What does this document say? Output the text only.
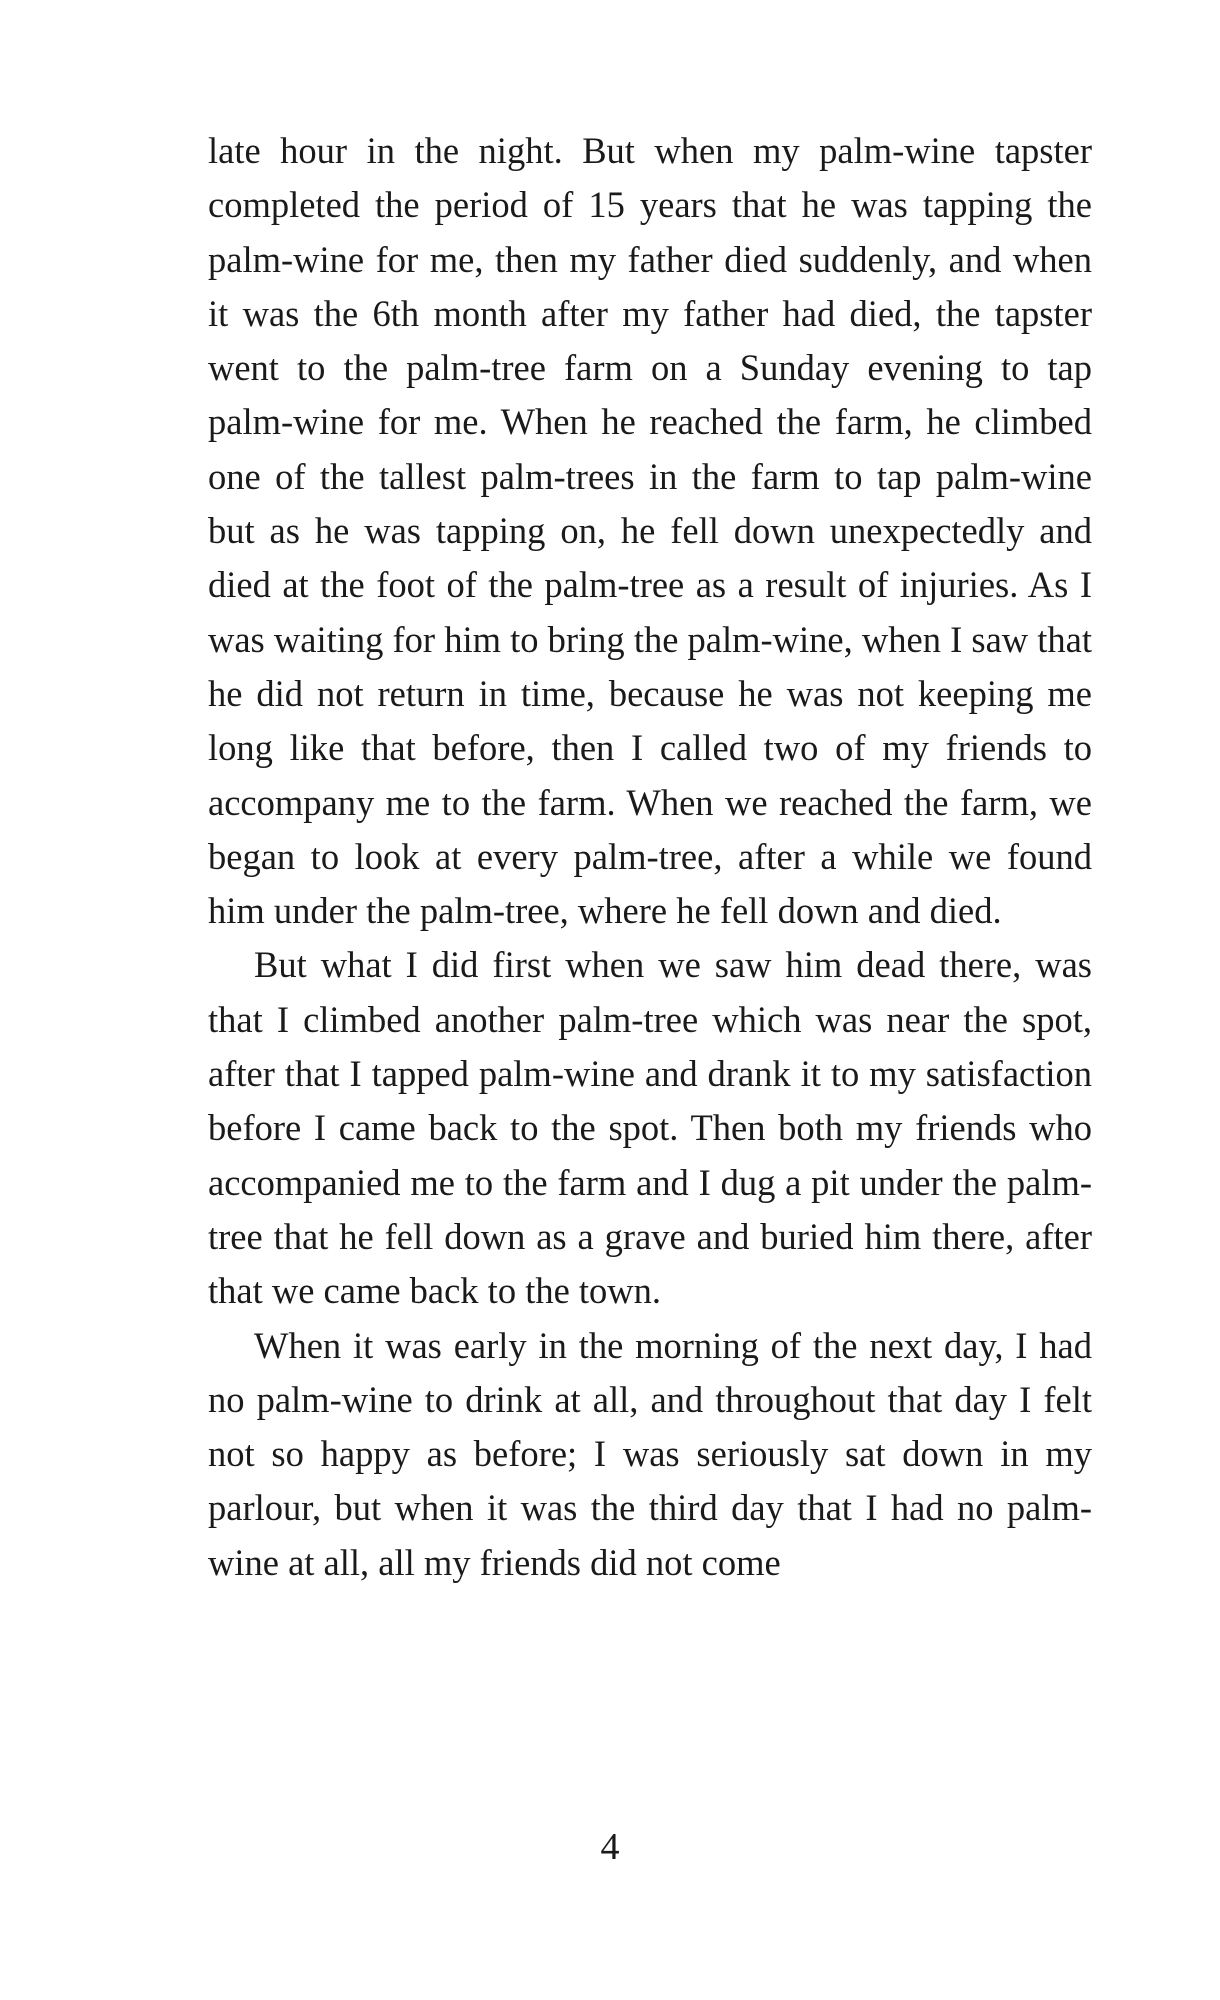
late hour in the night. But when my palm-wine tapster completed the period of 15 years that he was tapping the palm-wine for me, then my father died suddenly, and when it was the 6th month after my father had died, the tapster went to the palm-tree farm on a Sunday evening to tap palm-wine for me. When he reached the farm, he climbed one of the tallest palm-trees in the farm to tap palm-wine but as he was tapping on, he fell down unexpectedly and died at the foot of the palm-tree as a result of injuries. As I was waiting for him to bring the palm-wine, when I saw that he did not return in time, because he was not keeping me long like that before, then I called two of my friends to accompany me to the farm. When we reached the farm, we began to look at every palm-tree, after a while we found him under the palm-tree, where he fell down and died.

But what I did first when we saw him dead there, was that I climbed another palm-tree which was near the spot, after that I tapped palm-wine and drank it to my satisfaction before I came back to the spot. Then both my friends who accompanied me to the farm and I dug a pit under the palm-tree that he fell down as a grave and buried him there, after that we came back to the town.

When it was early in the morning of the next day, I had no palm-wine to drink at all, and throughout that day I felt not so happy as before; I was seriously sat down in my parlour, but when it was the third day that I had no palm-wine at all, all my friends did not come

4
